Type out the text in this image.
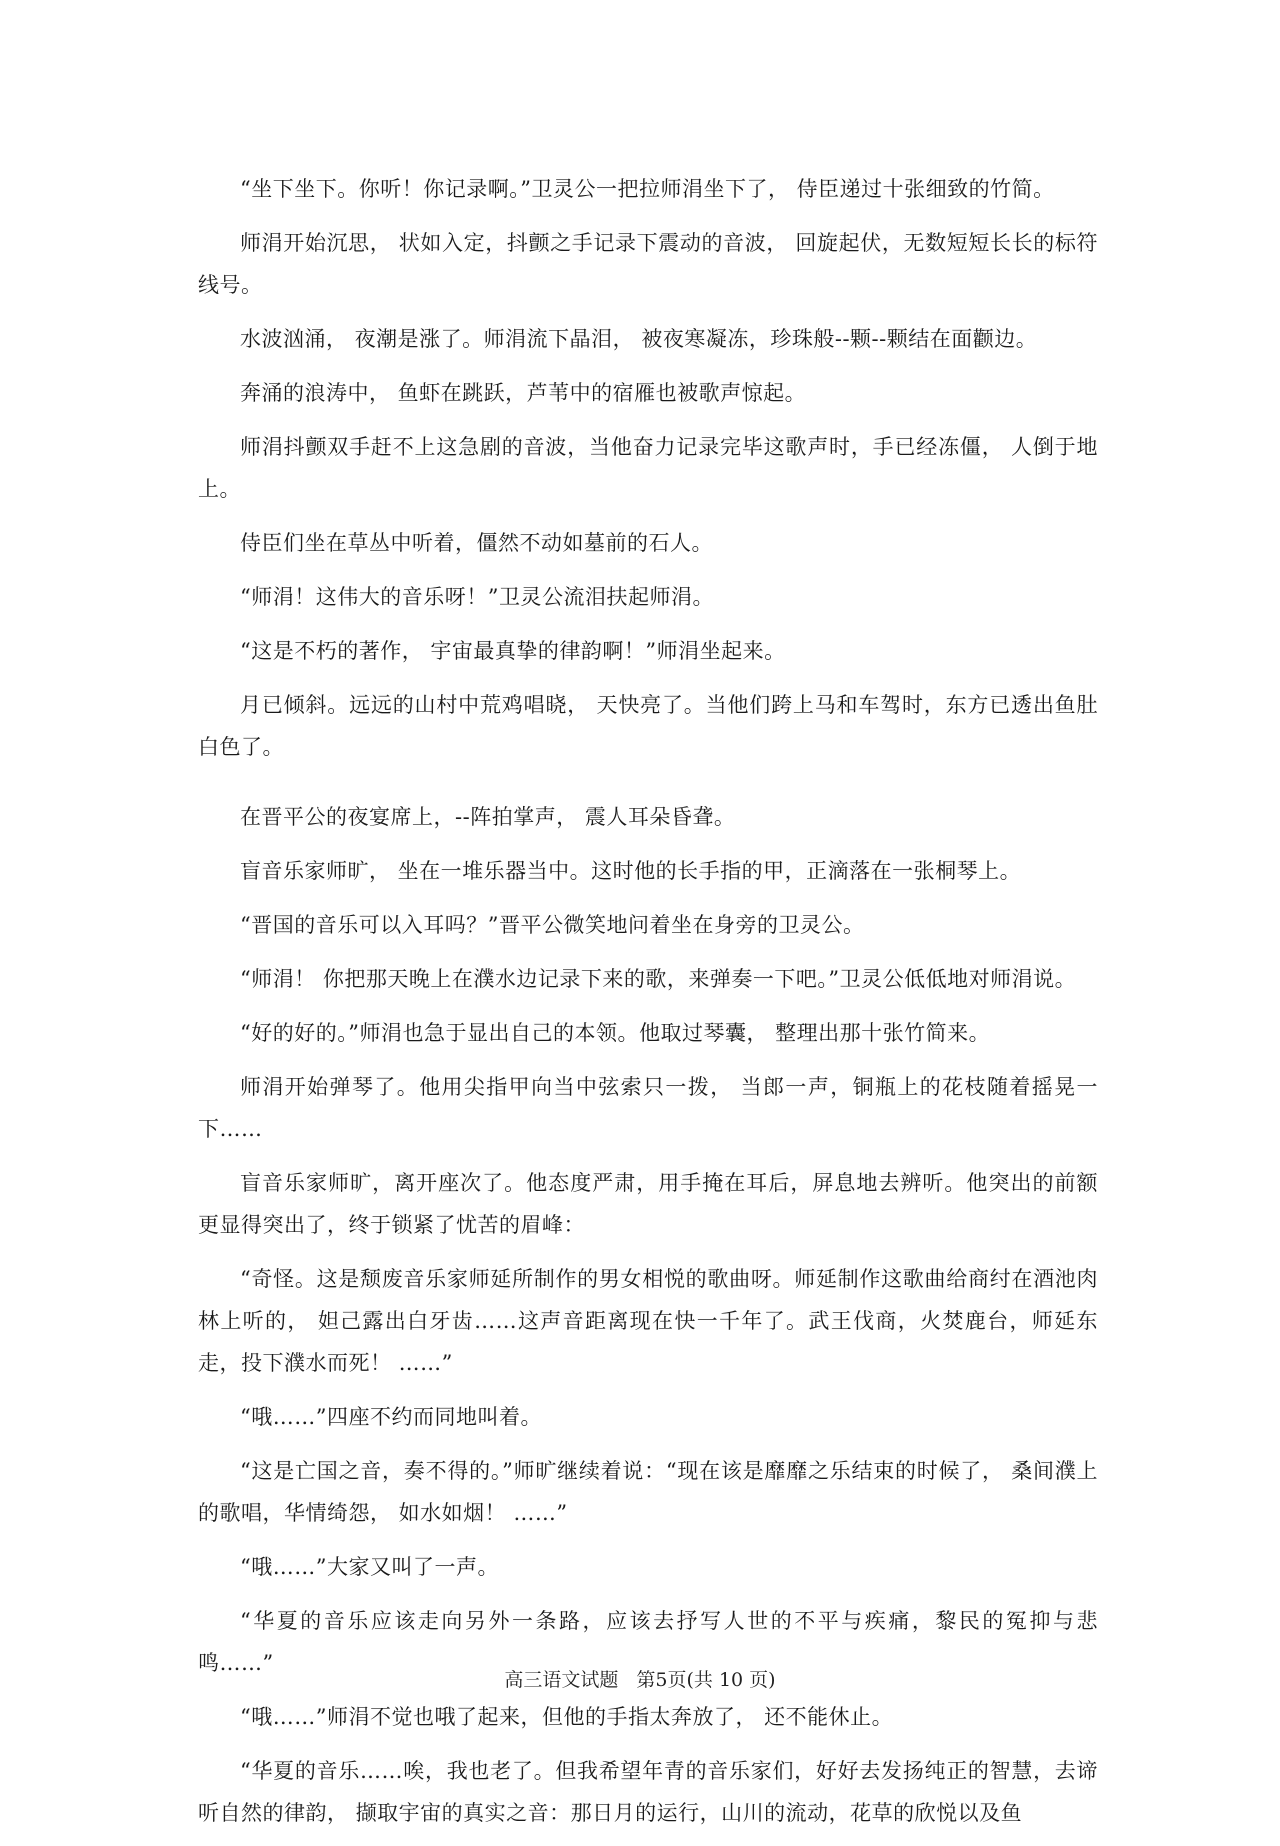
“坐下坐下。你听！你记录啊。”卫灵公一把拉师涓坐下了， 侍臣递过十张细致的竹简。

师涓开始沉思， 状如入定，抖颤之手记录下震动的音波， 回旋起伏，无数短短长长的标符线号。

水波汹涌， 夜潮是涨了。师涓流下晶泪， 被夜寒凝冻，珍珠般--颗--颗结在面颧边。

奔涌的浪涛中， 鱼虾在跳跃，芦苇中的宿雁也被歌声惊起。

师涓抖颤双手赶不上这急剧的音波，当他奋力记录完毕这歌声时，手已经冻僵， 人倒于地上。

侍臣们坐在草丛中听着，僵然不动如墓前的石人。

“师涓！这伟大的音乐呀！”卫灵公流泪扶起师涓。

“这是不朽的著作， 宇宙最真挚的律韵啊！”师涓坐起来。

月已倾斜。远远的山村中荒鸡唱晓， 天快亮了。当他们跨上马和车驾时，东方已透出鱼肚白色了。

在晋平公的夜宴席上，--阵拍掌声， 震人耳朵昏聋。

盲音乐家师旷， 坐在一堆乐器当中。这时他的长手指的甲，正滴落在一张桐琴上。

“晋国的音乐可以入耳吗？”晋平公微笑地问着坐在身旁的卫灵公。

“师涓！ 你把那天晚上在濮水边记录下来的歌，来弹奏一下吧。”卫灵公低低地对师涓说。

“好的好的。”师涓也急于显出自己的本领。他取过琴囊， 整理出那十张竹简来。

师涓开始弹琴了。他用尖指甲向当中弦索只一拨， 当郎一声，铜瓶上的花枝随着摇晃一下……

盲音乐家师旷，离开座次了。他态度严肃，用手掩在耳后，屏息地去辨听。他突出的前额更显得突出了，终于锁紧了忧苦的眉峰：

“奇怪。这是颓废音乐家师延所制作的男女相悦的歌曲呀。师延制作这歌曲给商纣在酒池肉林上听的， 妲己露出白牙齿……这声音距离现在快一千年了。武王伐商，火焚鹿台，师延东走，投下濮水而死！ ……”

“哦……”四座不约而同地叫着。

“这是亡国之音，奏不得的。”师旷继续着说：“现在该是靡靡之乐结束的时候了， 桑间濮上的歌唱，华情绮怨， 如水如烟！ ……”

“哦……”大家又叫了一声。

“华夏的音乐应该走向另外一条路，应该去抒写人世的不平与疾痛，黎民的冤抑与悲鸣……”

“哦……”师涓不觉也哦了起来，但他的手指太奔放了， 还不能休止。

“华夏的音乐……唉，我也老了。但我希望年青的音乐家们，好好去发扬纯正的智慧，去谛听自然的律韵， 撷取宇宙的真实之音：那日月的运行，山川的流动，花草的欣悦以及鱼

高三语文试题 第5页(共 10 页)
